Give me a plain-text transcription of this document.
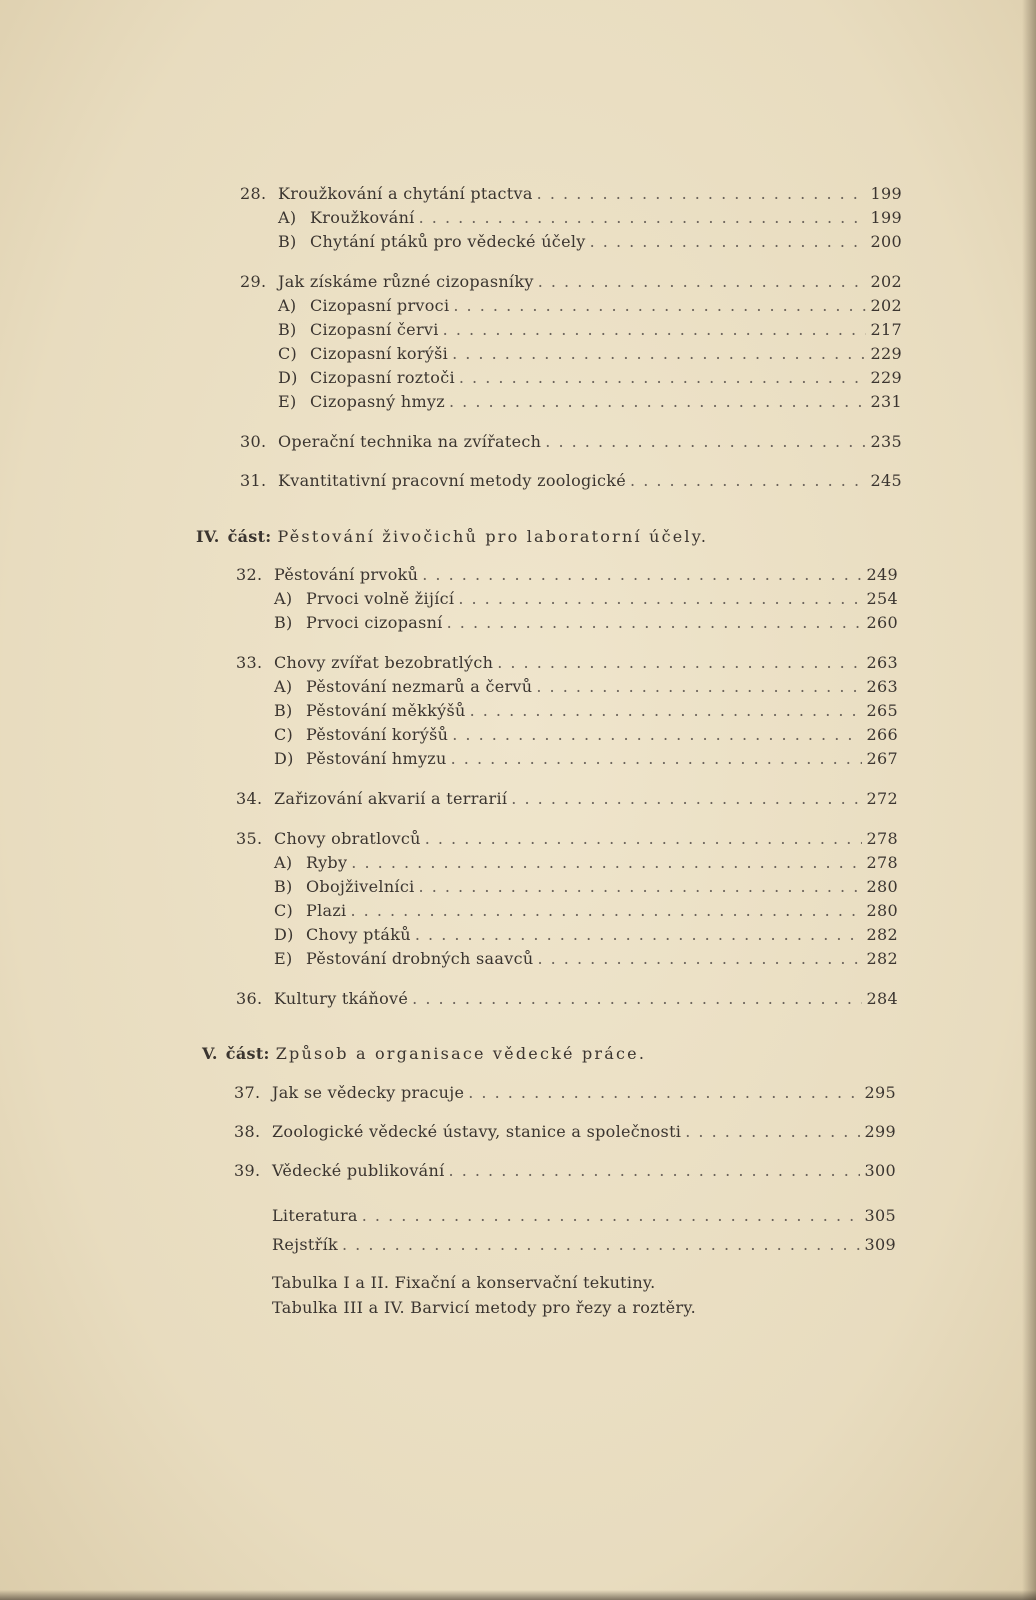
28. Kroužkování a chytání ptactva . . .	199
A) Kroužkování . . .	199
B) Chytání ptáků pro vědecké účely . . .	200
29. Jak získáme různé cizopasníky . . .	202
A) Cizopasní prvoci . . .	202
B) Cizopasní červi . . .	217
C) Cizopasní korýši . . .	229
D) Cizopasní roztoči . . .	229
E) Cizopasný hmyz . . .	231
30. Operační technika na zvířatech . . .	235
31. Kvantitativní pracovní metody zoologické . . .	245
IV. část: Pěstování živočichů pro laboratorní účely.
32. Pěstování prvoků . . .	249
A) Prvoci volně žijící . . .	254
B) Prvoci cizopasní . . .	260
33. Chovy zvířat bezobratlých . . .	263
A) Pěstování nezmarů a červů . . .	263
B) Pěstování měkkýšů . . .	265
C) Pěstování korýšů . . .	266
D) Pěstování hmyzu . . .	267
34. Zařizování akvarií a terrarií . . .	272
35. Chovy obratlovců . . .	278
A) Ryby . . .	278
B) Obojživelníci . . .	280
C) Plazi . . .	280
D) Chovy ptáků . . .	282
E) Pěstování drobných saavců . . .	282
36. Kultury tkáňové . . .	284
V. část: Způsob a organisace vědecké práce.
37. Jak se vědecky pracuje . . .	295
38. Zoologické vědecké ústavy, stanice a společnosti . . .	299
39. Vědecké publikování . . .	300
Literatura . . .	305
Rejstřík . . .	309
Tabulka I a II. Fixační a konservační tekutiny.
Tabulka III a IV. Barvicí metody pro řezy a roztěry.
